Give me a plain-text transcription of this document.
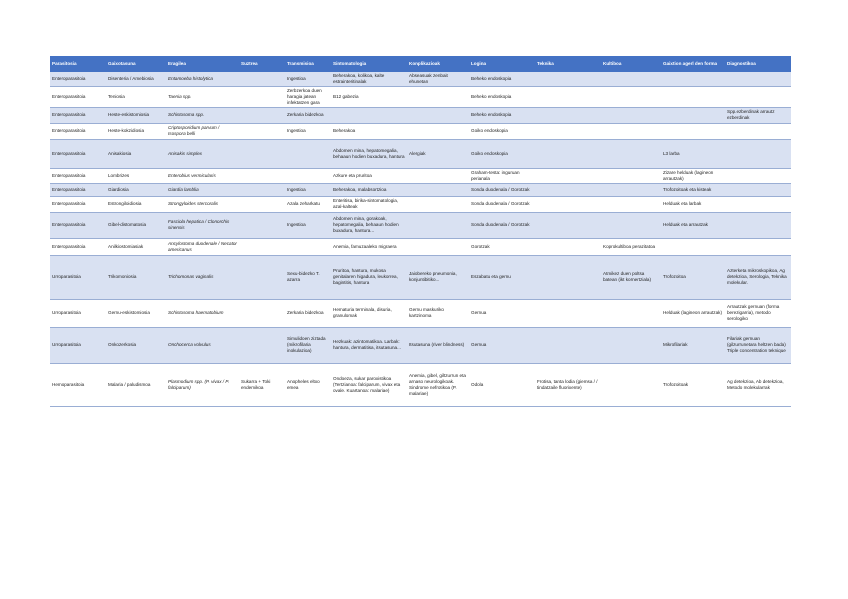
Parasitosia	Gaixotasuna	Eragilea	Suztrea	Transmisioa	Sintomatologia	Konplikazioak	Logina	Teknika	Kultiboa	Gaixtion agerl den forma	Diagnostikoa
Enteroparasitoia	Disenteria / Amebiosia	Entamoeba histolytica		Ingestioa	Beherakoa, kolikoa, kalte estrainteritinalak	Abseasuak zenbait ehunetan	Beheko endoskopia				
Enteroparasitoia	Teniosia	Taenia spp.		Zerbzerkoa duen haragia jatean infektatzen gara	B12 gabezia		Beheko endoskopia				
Enteroparasitoia	Heste-eskistomiosia	Schistosoma spp.		Zerkaria bidezkoa			Beheko endoskopia				Spp.ezberdinak arrautz ezberdinak
Enteroparasitoia	Heste-kokzidiosia	Criptosporidium parvum / Isospora belli		Ingestioa	Beherakoa		Goiko endoskopia				
Enteroparasitoia	Anisakiosia	Anisakis simplex			Abdomen mina, hepatomegalia, behaaun hodien buxadura, hantura	Alergiak	Goiko endoskopia			L3 larba	
Enteroparasitoia	Lombrizes	Enterobius vermicularis			Azkure eta pruritoa		Graham-testa: inguruan perianala			Zizare helduak (lagineon arrautzak)	
Enteroparasitoia	Giardiosia	Giardia lamblia		Ingestioa	Beherakoa, malabsortzioa		Sonda duodenala / Gorotzak			Trofozoitoak eta kisteak	
Enteroparasitoia	Estrongiloidiosia	Strongyloides stercoralis		Azala zeharkatu	Enteritisa, birika-sintomatologia, azal-kalteak		Sonda duodenala / Gorotzak			Helduak eta larbak	
Enteroparasitoia	Gibel-distomatosia	Fasciola hepatica / Clonorchis sinensis		Ingestioa	Abdomen mina, gorakoak, hepatomegalia, behaaun hodien buxadura, hantura...		Sonda duodenala / Gorotzak			Helduak eta arrautzak	
Enteroparasitoia	Anilkiostomiasiak	Ancylostoma duodenale / Necator americanus			Anemia, famuzaaleko migraera		Gorotzak		Koprokultiboa perazitatoa		
Urroparasitoia	Trikomoniosia	Trichomonas vaginalis		Sexu-bidezko T. azarra	Pruritoa, hantura, mukosa genitalaren higadura, leukorrea, bagintitis, hantura	Jaiobereko pneumonia, konjuntibitiko...	Eszabatu eta gernu		Atmikez duen poltsa batean (ikt kornertziala)	Trofozoitoa	Azterketa mikroskopikoa, Ag detekzioa, Serologia, Teknika molekular.
Urroparasitoia	Gernu-eskistomiosia	Schistosoma haematobium		Zerkaria bidezkoa	Hematuria terminala, disuria, granulomak	Gernu maskuriko kartzinoma	Gernua			Helduak (lagineon arrautzak)	Arrautzak gernuan (forma berezigarria), metodo serologiko
Urroparasitoia	Onkozerkosia	Onchocerca volvulus		Simulidoen ziztada (mikrofilaria inokulazioa)	Hezkuak: azintomatikoa. Larbak: hantura, dermatitisa, itsutasuna...	Itsutasuna (river blindness)	Gernua			Mikrofilariak	Filariak gernuan (gilzurrunetara heltzen bada) Triple concentration teknique
Hemoparasitoia	Malaria / paludismoa	Plasmodium spp. (P. vivax / P. falciparum)	Sukarra + Toki endemikoa	Anopheles eltxo emea	Ondoeza, sukar paroxistikoa (Tertzianoa: falciparum, vivax eta ovale. Kuartanoa: malariae)	Anemia, gibel, giltzurrun eta arnaso neurologikoak. Sindrome nefrotikoa (P. malariae)	Odola	Frotisa, tanta lodia (giemsa / / tindatzaile fluorixente)		Trofozoitoak	Ag detekzioa, Ab detekzioa, Metodo molekularrak
